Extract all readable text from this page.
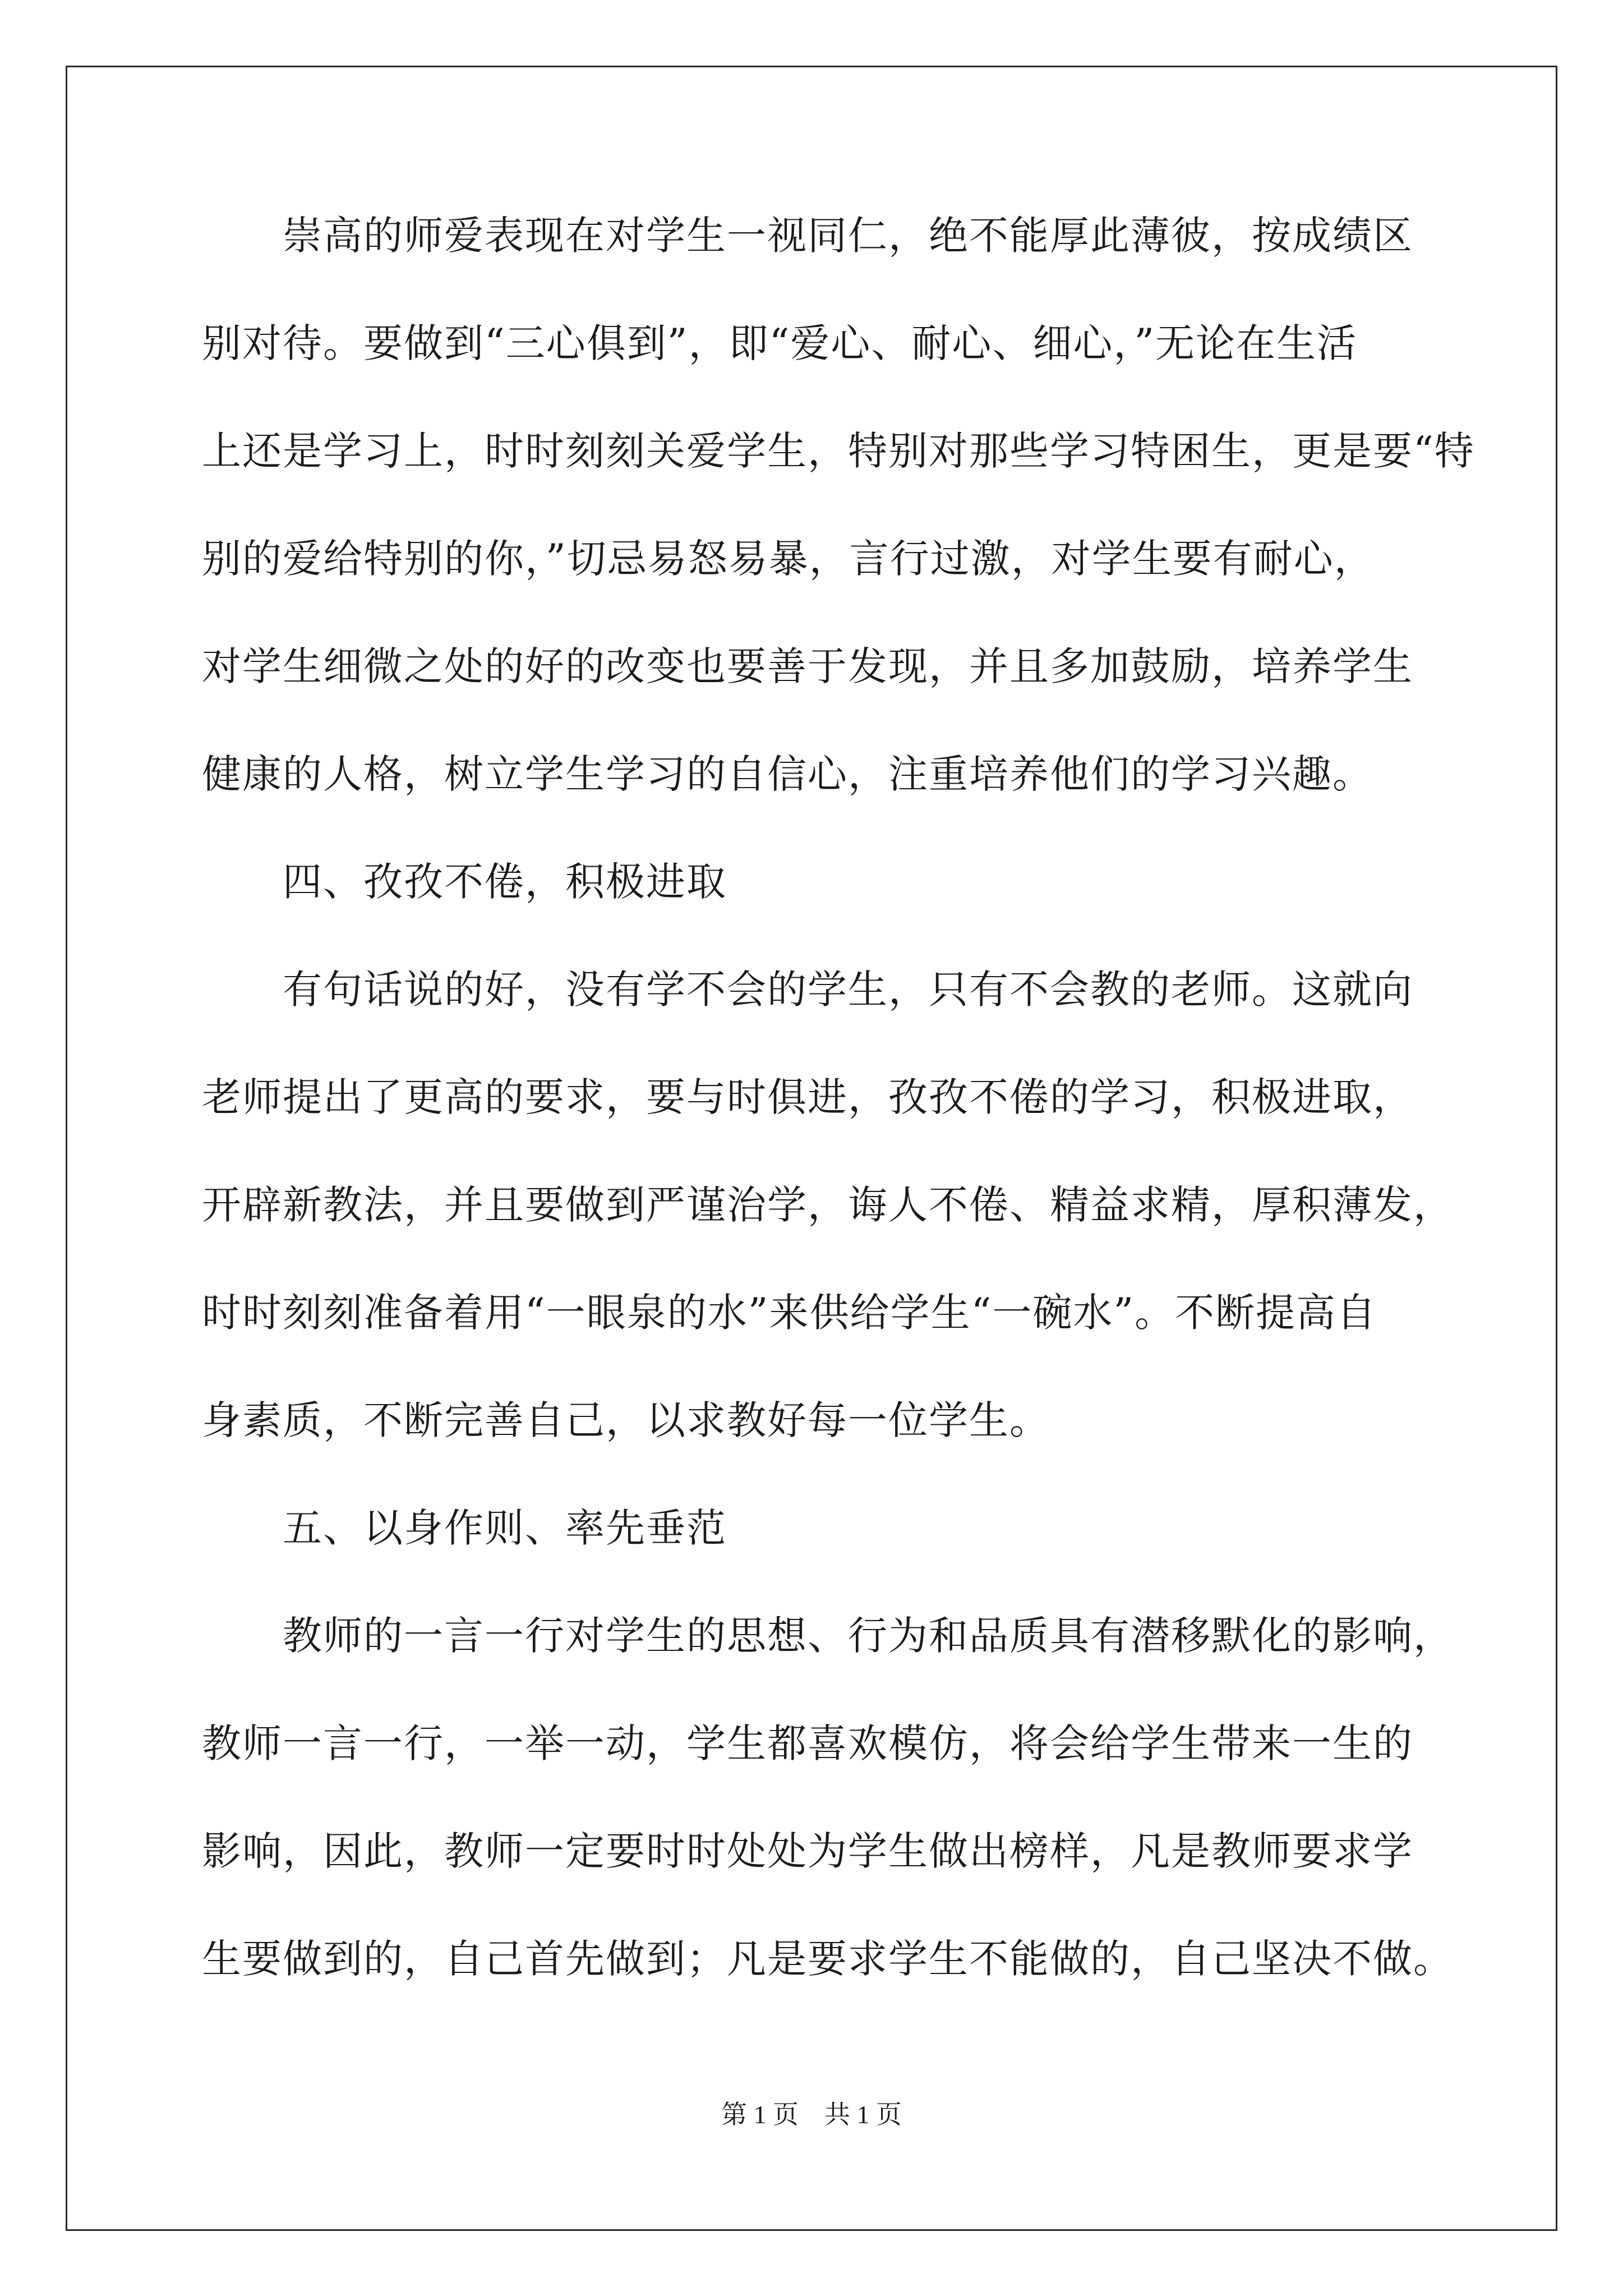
　　崇高的师爱表现在对学生一视同仁，绝不能厚此薄彼，按成绩区
别对待。要做到“三心俱到”，即“爱心、耐心、细心，”无论在生活
上还是学习上，时时刻刻关爱学生，特别对那些学习特困生，更是要“特
别的爱给特别的你，”切忌易怒易暴，言行过激，对学生要有耐心，
对学生细微之处的好的改变也要善于发现，并且多加鼓励，培养学生
健康的人格，树立学生学习的自信心，注重培养他们的学习兴趣。
　　四、孜孜不倦，积极进取
　　有句话说的好，没有学不会的学生，只有不会教的老师。这就向
老师提出了更高的要求，要与时俱进，孜孜不倦的学习，积极进取，
开辟新教法，并且要做到严谨治学，诲人不倦、精益求精，厚积薄发，
时时刻刻准备着用“一眼泉的水”来供给学生“一碗水”。不断提高自
身素质，不断完善自己，以求教好每一位学生。
　　五、以身作则、率先垂范
　　教师的一言一行对学生的思想、行为和品质具有潜移默化的影响，
教师一言一行，一举一动，学生都喜欢模仿，将会给学生带来一生的
影响，因此，教师一定要时时处处为学生做出榜样，凡是教师要求学
生要做到的，自己首先做到；凡是要求学生不能做的，自己坚决不做。
第 1 页　共 1 页
